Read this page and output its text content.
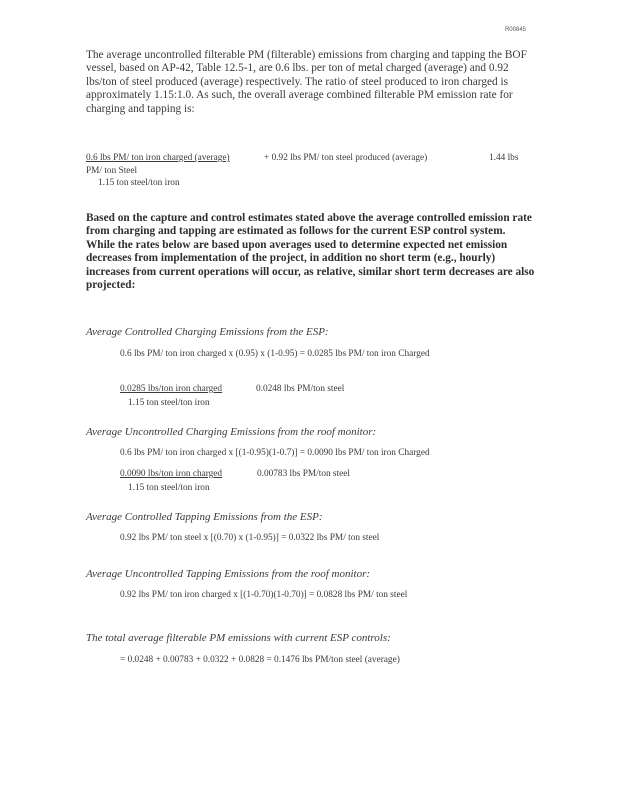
R00845
The average uncontrolled filterable PM (filterable) emissions from charging and tapping the BOF vessel, based on AP-42, Table 12.5-1, are 0.6 lbs. per ton of metal charged (average) and 0.92 lbs/ton of steel produced (average) respectively. The ratio of steel produced to iron charged is approximately 1.15:1.0. As such, the overall average combined filterable PM emission rate for charging and tapping is:
0.6 lbs PM/ ton iron charged (average)	+ 0.92 lbs PM/ ton steel produced (average)	1.44 lbs
PM/ ton Steel
1.15 ton steel/ton iron
Based on the capture and control estimates stated above the average controlled emission rate from charging and tapping are estimated as follows for the current ESP control system. While the rates below are based upon averages used to determine expected net emission decreases from implementation of the project, in addition no short term (e.g., hourly) increases from current operations will occur, as relative, similar short term decreases are also projected:
Average Controlled Charging Emissions from the ESP:
0.6 lbs PM/ ton iron charged x (0.95) x (1-0.95) = 0.0285 lbs PM/ ton iron Charged
0.0285 lbs/ton iron charged	0.0248 lbs PM/ton steel
1.15 ton steel/ton iron
Average Uncontrolled Charging Emissions from the roof monitor:
0.6 lbs PM/ ton iron charged x [(1-0.95)(1-0.7)] = 0.0090 lbs PM/ ton iron Charged
0.0090 lbs/ton iron charged	0.00783 lbs PM/ton steel
1.15 ton steel/ton iron
Average Controlled Tapping Emissions from the ESP:
0.92 lbs PM/ ton steel x [(0.70) x (1-0.95)] = 0.0322 lbs PM/ ton steel
Average Uncontrolled Tapping Emissions from the roof monitor:
0.92 lbs PM/ ton iron charged x [(1-0.70)(1-0.70)] = 0.0828 lbs PM/ ton steel
The total average filterable PM emissions with current ESP controls:
= 0.0248 + 0.00783 + 0.0322 + 0.0828 = 0.1476 lbs PM/ton steel (average)
